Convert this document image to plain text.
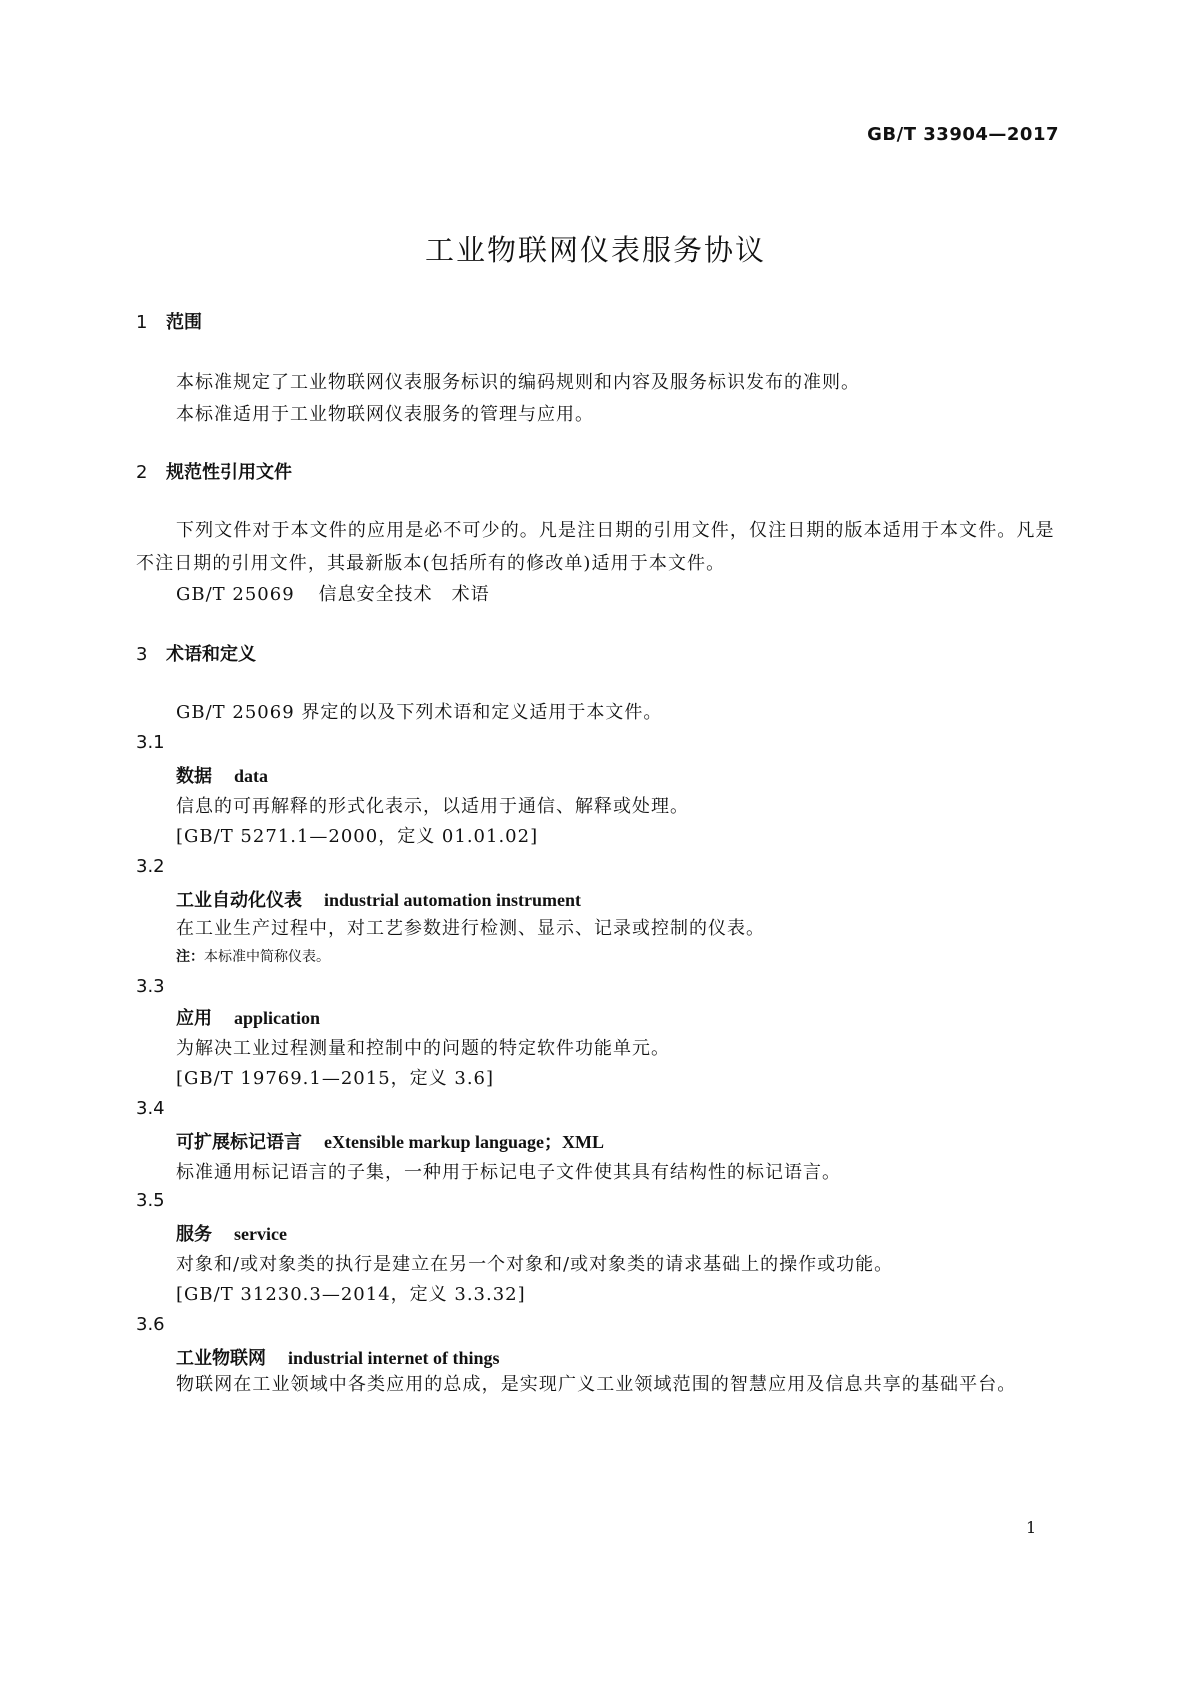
GB/T 33904—2017
工业物联网仪表服务协议
1 范围
本标准规定了工业物联网仪表服务标识的编码规则和内容及服务标识发布的准则。
本标准适用于工业物联网仪表服务的管理与应用。
2 规范性引用文件
下列文件对于本文件的应用是必不可少的。凡是注日期的引用文件，仅注日期的版本适用于本文件。凡是不注日期的引用文件，其最新版本(包括所有的修改单)适用于本文件。
GB/T 25069 信息安全技术　术语
3 术语和定义
GB/T 25069 界定的以及下列术语和定义适用于本文件。
3.1
数据 data
信息的可再解释的形式化表示，以适用于通信、解释或处理。
[GB/T 5271.1—2000，定义 01.01.02]
3.2
工业自动化仪表 industrial automation instrument
在工业生产过程中，对工艺参数进行检测、显示、记录或控制的仪表。
注：本标准中简称仪表。
3.3
应用 application
为解决工业过程测量和控制中的问题的特定软件功能单元。
[GB/T 19769.1—2015，定义 3.6]
3.4
可扩展标记语言 eXtensible markup language；XML
标准通用标记语言的子集，一种用于标记电子文件使其具有结构性的标记语言。
3.5
服务 service
对象和/或对象类的执行是建立在另一个对象和/或对象类的请求基础上的操作或功能。
[GB/T 31230.3—2014，定义 3.3.32]
3.6
工业物联网 industrial internet of things
物联网在工业领域中各类应用的总成，是实现广义工业领域范围的智慧应用及信息共享的基础平台。
1
